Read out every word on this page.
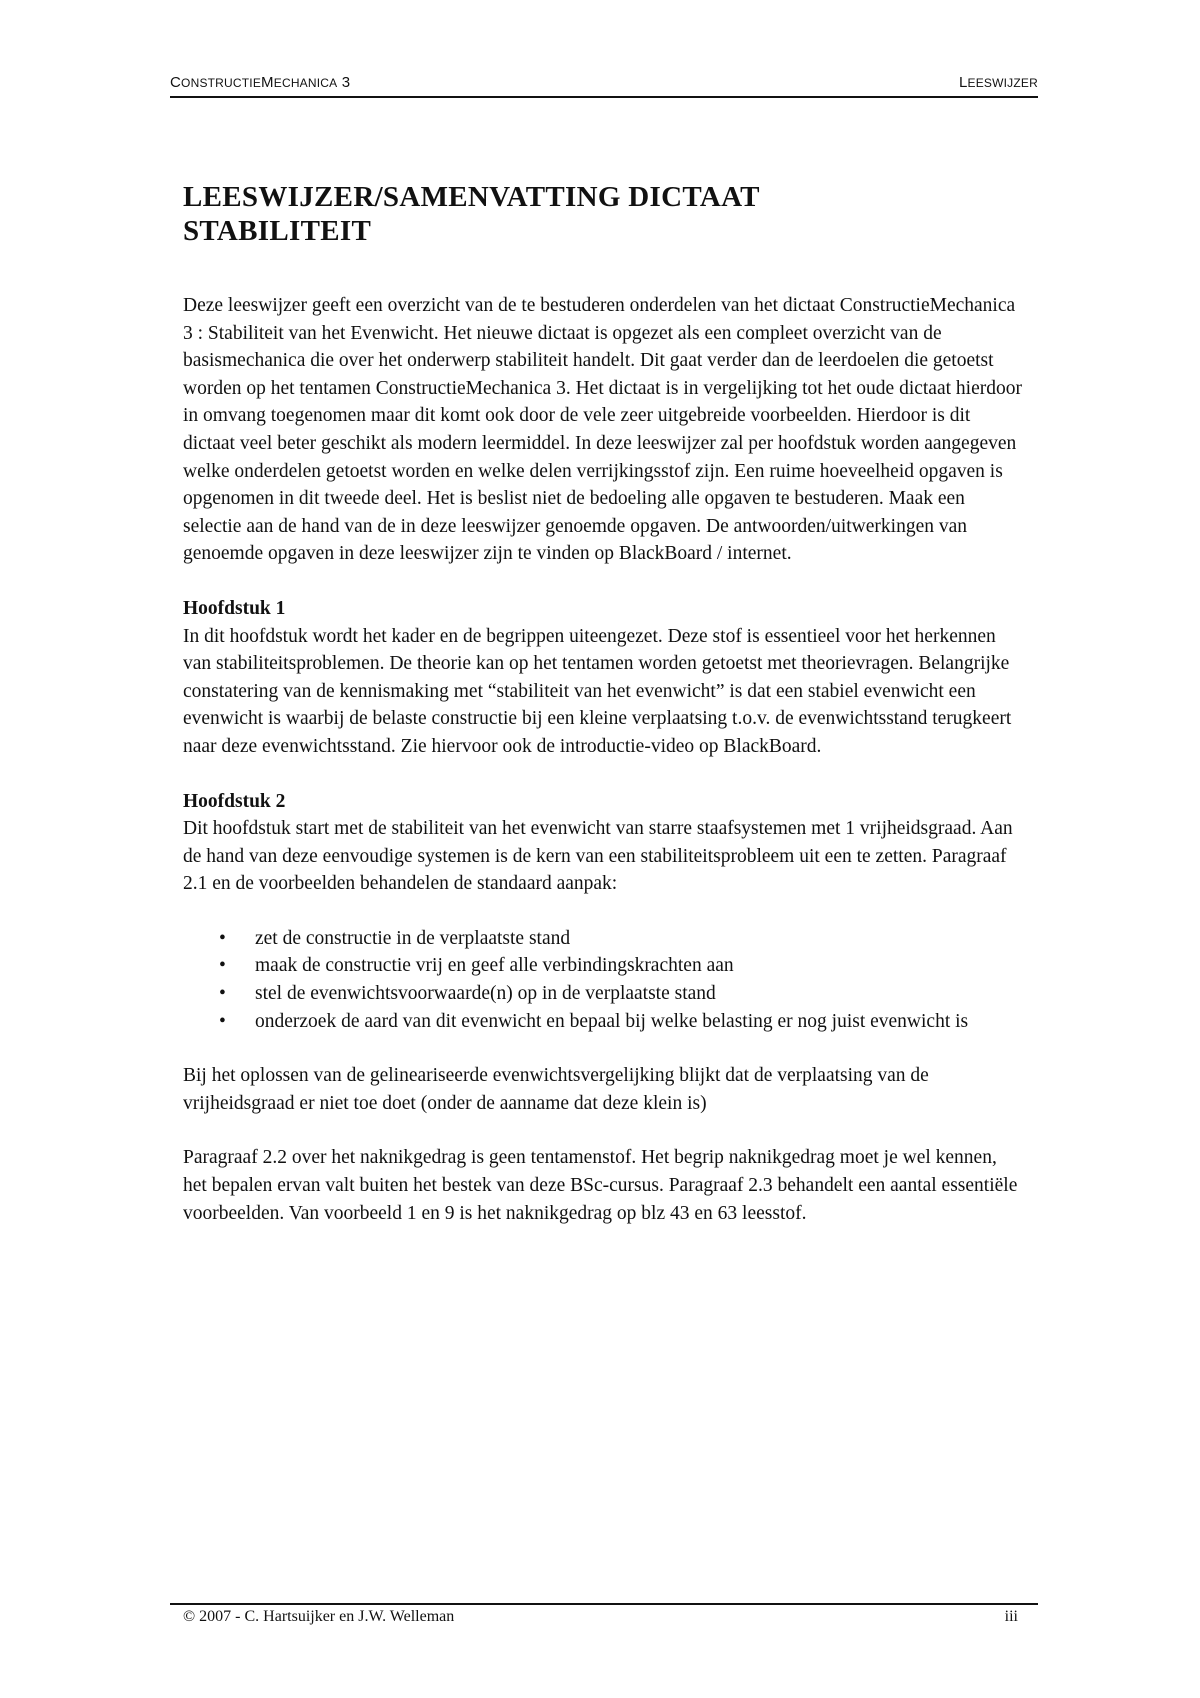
CONSTRUCTIEMECHANICA 3	LEESWIJZER
LEESWIJZER/SAMENVATTING DICTAAT
STABILITEIT

Deze leeswijzer geeft een overzicht van de te bestuderen onderdelen van het dictaat ConstructieMechanica 3 : Stabiliteit van het Evenwicht. Het nieuwe dictaat is opgezet als een compleet overzicht van de basismechanica die over het onderwerp stabiliteit handelt. Dit gaat verder dan de leerdoelen die getoetst worden op het tentamen ConstructieMechanica 3. Het dictaat is in vergelijking tot het oude dictaat hierdoor in omvang toegenomen maar dit komt ook door de vele zeer uitgebreide voorbeelden. Hierdoor is dit dictaat veel beter geschikt als modern leermiddel. In deze leeswijzer zal per hoofdstuk worden aangegeven welke onderdelen getoetst worden en welke delen verrijkingsstof zijn. Een ruime hoeveelheid opgaven is opgenomen in dit tweede deel. Het is beslist niet de bedoeling alle opgaven te bestuderen. Maak een selectie aan de hand van de in deze leeswijzer genoemde opgaven. De antwoorden/uitwerkingen van genoemde opgaven in deze leeswijzer zijn te vinden op BlackBoard / internet.

Hoofdstuk 1

In dit hoofdstuk wordt het kader en de begrippen uiteengezet. Deze stof is essentieel voor het herkennen van stabiliteitsproblemen. De theorie kan op het tentamen worden getoetst met theorievragen. Belangrijke constatering van de kennismaking met “stabiliteit van het evenwicht” is dat een stabiel evenwicht een evenwicht is waarbij de belaste constructie bij een kleine verplaatsing t.o.v. de evenwichtsstand terugkeert naar deze evenwichtsstand. Zie hiervoor ook de introductie-video op BlackBoard.

Hoofdstuk 2

Dit hoofdstuk start met de stabiliteit van het evenwicht van starre staafsystemen met 1 vrijheidsgraad. Aan de hand van deze eenvoudige systemen is de kern van een stabiliteitsprobleem uit een te zetten. Paragraaf 2.1 en de voorbeelden behandelen de standaard aanpak:

• zet de constructie in de verplaatste stand
• maak de constructie vrij en geef alle verbindingskrachten aan
• stel de evenwichtsvoorwaarde(n) op in de verplaatste stand
• onderzoek de aard van dit evenwicht en bepaal bij welke belasting er nog juist evenwicht is

Bij het oplossen van de gelineariseerde evenwichtsvergelijking blijkt dat de verplaatsing van de vrijheidsgraad er niet toe doet (onder de aanname dat deze klein is)

Paragraaf 2.2 over het naknikgedrag is geen tentamenstof. Het begrip naknikgedrag moet je wel kennen, het bepalen ervan valt buiten het bestek van deze BSc-cursus. Paragraaf 2.3 behandelt een aantal essentiële voorbeelden. Van voorbeeld 1 en 9 is het naknikgedrag op blz 43 en 63 leesstof.

© 2007 - C. Hartsuijker en J.W. Welleman	iii
